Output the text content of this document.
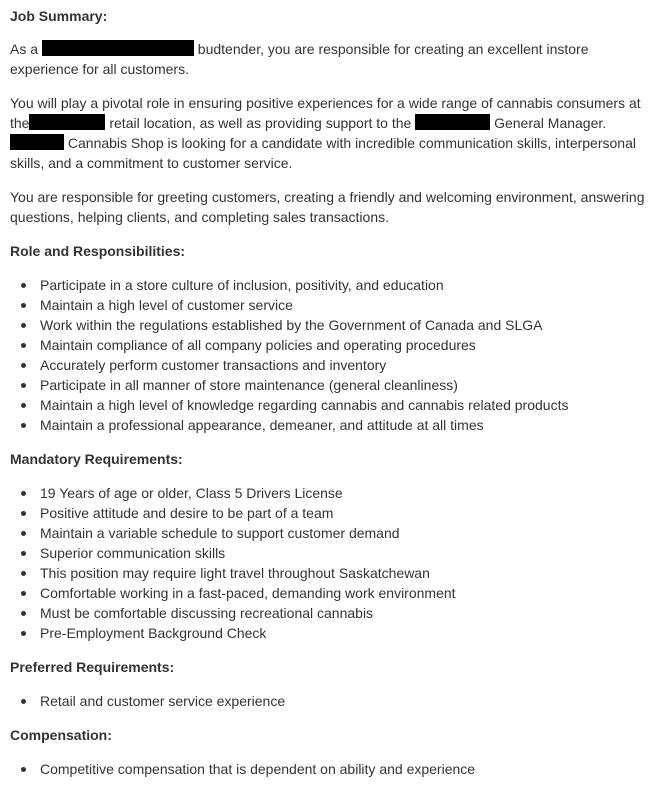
Job Summary:

As a	budtender, you are responsible for creating an excellent instore experience for all customers.

You will play a pivotal role in ensuring positive experiences for a wide range of cannabis consumers at the	retail location, as well as providing support to the	General Manager.
Cannabis Shop is looking for a candidate with incredible communication skills, interpersonal skills, and a commitment to customer service.

You are responsible for greeting customers, creating a friendly and welcoming environment, answering questions, helping clients, and completing sales transactions.

Role and Responsibilities:
Participate in a store culture of inclusion, positivity, and education
Maintain a high level of customer service
Work within the regulations established by the Government of Canada and SLGA
Maintain compliance of all company policies and operating procedures
Accurately perform customer transactions and inventory
Participate in all manner of store maintenance (general cleanliness)
Maintain a high level of knowledge regarding cannabis and cannabis related products
Maintain a professional appearance, demeaner, and attitude at all times
Mandatory Requirements:
19 Years of age or older, Class 5 Drivers License
Positive attitude and desire to be part of a team
Maintain a variable schedule to support customer demand
Superior communication skills
This position may require light travel throughout Saskatchewan
Comfortable working in a fast-paced, demanding work environment
Must be comfortable discussing recreational cannabis
Pre-Employment Background Check
Preferred Requirements:
Retail and customer service experience
Compensation:
Competitive compensation that is dependent on ability and experience
